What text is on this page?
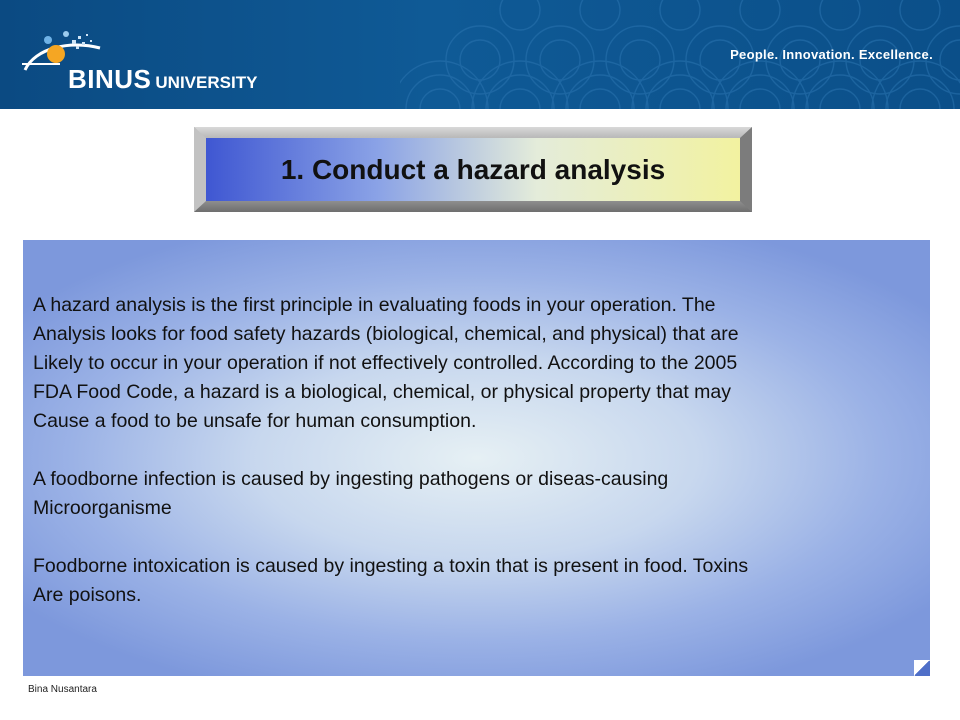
BINUS UNIVERSITY
People. Innovation. Excellence.
1. Conduct a hazard analysis

A hazard analysis is the first principle in evaluating foods in your operation. The
Analysis looks for food safety hazards (biological, chemical, and physical) that are
Likely to occur in your operation if not effectively controlled. According to the 2005
FDA Food Code, a hazard is a biological, chemical, or physical property that may
Cause a food to be unsafe for human consumption.

A foodborne infection is caused by ingesting pathogens or diseas-causing
Microorganisme

Foodborne intoxication is caused by ingesting a toxin that is present in food. Toxins
Are poisons.

Bina Nusantara
